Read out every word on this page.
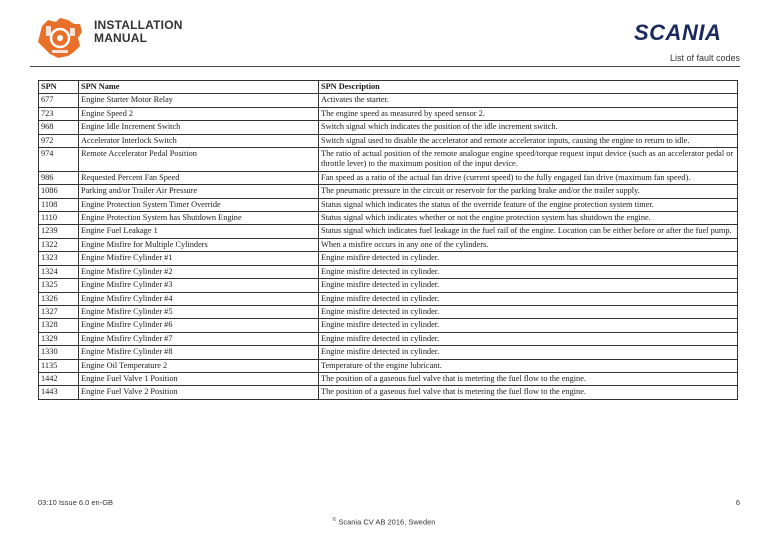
INSTALLATION
MANUAL	SCANIA
List of fault codes
SPN	SPN Name	SPN Description
677	Engine Starter Motor Relay	Activates the starter.
723	Engine Speed 2	The engine speed as measured by speed sensor 2.
968	Engine Idle Increment Switch	Switch signal which indicates the position of the idle increment switch.
972	Accelerator Interlock Switch	Switch signal used to disable the accelerator and remote accelerator inputs, causing the engine to return to idle.
974	Remote Accelerator Pedal Position	The ratio of actual position of the remote analogue engine speed/torque request input device (such as an accelerator pedal or throttle lever) to the maximum position of the input device.
986	Requested Percent Fan Speed	Fan speed as a ratio of the actual fan drive (current speed) to the fully engaged fan drive (maximum fan speed).
1086	Parking and/or Trailer Air Pressure	The pneumatic pressure in the circuit or reservoir for the parking brake and/or the trailer supply.
1108	Engine Protection System Timer Override	Status signal which indicates the status of the override feature of the engine protection system timer.
1110	Engine Protection System has Shutdown Engine	Status signal which indicates whether or not the engine protection system has shutdown the engine.
1239	Engine Fuel Leakage 1	Status signal which indicates fuel leakage in the fuel rail of the engine. Location can be either before or after the fuel pump.
1322	Engine Misfire for Multiple Cylinders	When a misfire occurs in any one of the cylinders.
1323	Engine Misfire Cylinder #1	Engine misfire detected in cylinder.
1324	Engine Misfire Cylinder #2	Engine misfire detected in cylinder.
1325	Engine Misfire Cylinder #3	Engine misfire detected in cylinder.
1326	Engine Misfire Cylinder #4	Engine misfire detected in cylinder.
1327	Engine Misfire Cylinder #5	Engine misfire detected in cylinder.
1328	Engine Misfire Cylinder #6	Engine misfire detected in cylinder.
1329	Engine Misfire Cylinder #7	Engine misfire detected in cylinder.
1330	Engine Misfire Cylinder #8	Engine misfire detected in cylinder.
1135	Engine Oil Temperature 2	Temperature of the engine lubricant.
1442	Engine Fuel Valve 1 Position	The position of a gaseous fuel valve that is metering the fuel flow to the engine.
1443	Engine Fuel Valve 2 Position	The position of a gaseous fuel valve that is metering the fuel flow to the engine.
03:10 Issue 6.0 en-GB	6
© Scania CV AB 2016, Sweden
